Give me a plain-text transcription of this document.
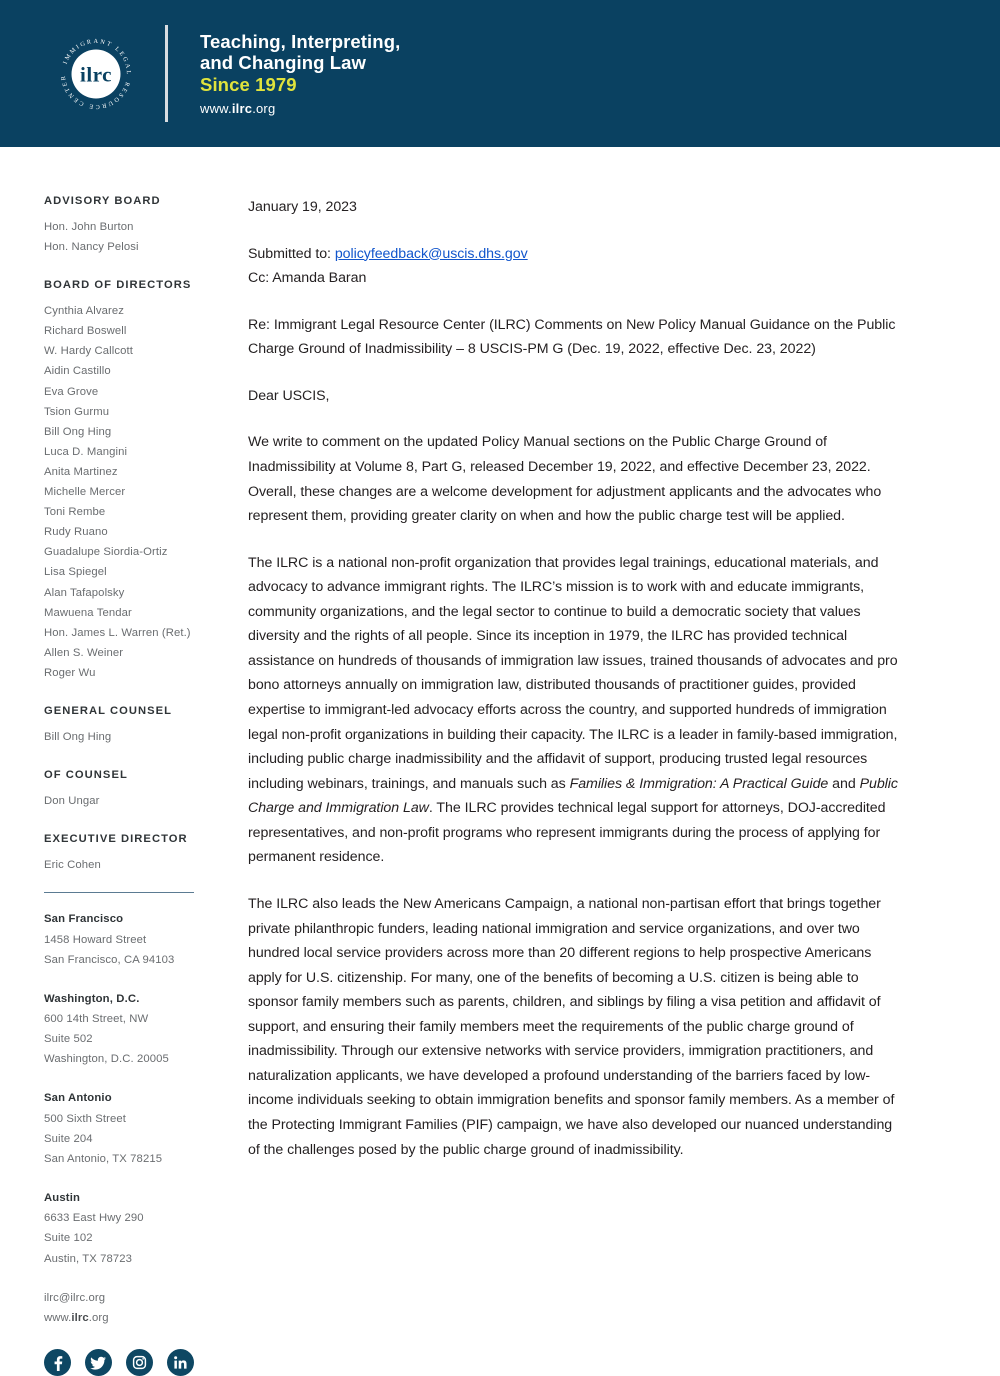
IMMIGRANT LEGAL
RESOURCE CENTER ilrc
Teaching, Interpreting,
and Changing Law
Since 1979
www.ilrc.org
ADVISORY BOARD
Hon. John Burton
Hon. Nancy Pelosi
BOARD OF DIRECTORS
Cynthia Alvarez
Richard Boswell
W. Hardy Callcott
Aidin Castillo
Eva Grove
Tsion Gurmu
Bill Ong Hing
Luca D. Mangini
Anita Martinez
Michelle Mercer
Toni Rembe
Rudy Ruano
Guadalupe Siordia-Ortiz
Lisa Spiegel
Alan Tafapolsky
Mawuena Tendar
Hon. James L. Warren (Ret.)
Allen S. Weiner
Roger Wu
GENERAL COUNSEL
Bill Ong Hing
OF COUNSEL
Don Ungar
EXECUTIVE DIRECTOR
Eric Cohen
San Francisco
1458 Howard Street
San Francisco, CA 94103
Washington, D.C.
600 14th Street, NW
Suite 502
Washington, D.C. 20005
San Antonio
500 Sixth Street
Suite 204
San Antonio, TX 78215
Austin
6633 East Hwy 290
Suite 102
Austin, TX 78723
ilrc@ilrc.org
www.ilrc.org

January 19, 2023

Submitted to: policyfeedback@uscis.dhs.gov

Cc: Amanda Baran

Re: Immigrant Legal Resource Center (ILRC) Comments on New Policy Manual Guidance on the Public Charge Ground of Inadmissibility – 8 USCIS-PM G (Dec. 19, 2022, effective Dec. 23, 2022)

Dear USCIS,

We write to comment on the updated Policy Manual sections on the Public Charge Ground of Inadmissibility at Volume 8, Part G, released December 19, 2022, and effective December 23, 2022. Overall, these changes are a welcome development for adjustment applicants and the advocates who represent them, providing greater clarity on when and how the public charge test will be applied.

The ILRC is a national non-profit organization that provides legal trainings, educational materials, and advocacy to advance immigrant rights. The ILRC’s mission is to work with and educate immigrants, community organizations, and the legal sector to continue to build a democratic society that values diversity and the rights of all people. Since its inception in 1979, the ILRC has provided technical assistance on hundreds of thousands of immigration law issues, trained thousands of advocates and pro bono attorneys annually on immigration law, distributed thousands of practitioner guides, provided expertise to immigrant-led advocacy efforts across the country, and supported hundreds of immigration legal non-profit organizations in building their capacity. The ILRC is a leader in family-based immigration, including public charge inadmissibility and the affidavit of support, producing trusted legal resources including webinars, trainings, and manuals such as Families & Immigration: A Practical Guide and Public Charge and Immigration Law. The ILRC provides technical legal support for attorneys, DOJ-accredited representatives, and non-profit programs who represent immigrants during the process of applying for permanent residence.

The ILRC also leads the New Americans Campaign, a national non-partisan effort that brings together private philanthropic funders, leading national immigration and service organizations, and over two hundred local service providers across more than 20 different regions to help prospective Americans apply for U.S. citizenship. For many, one of the benefits of becoming a U.S. citizen is being able to sponsor family members such as parents, children, and siblings by filing a visa petition and affidavit of support, and ensuring their family members meet the requirements of the public charge ground of inadmissibility. Through our extensive networks with service providers, immigration practitioners, and naturalization applicants, we have developed a profound understanding of the barriers faced by low-income individuals seeking to obtain immigration benefits and sponsor family members. As a member of the Protecting Immigrant Families (PIF) campaign, we have also developed our nuanced understanding of the challenges posed by the public charge ground of inadmissibility.
